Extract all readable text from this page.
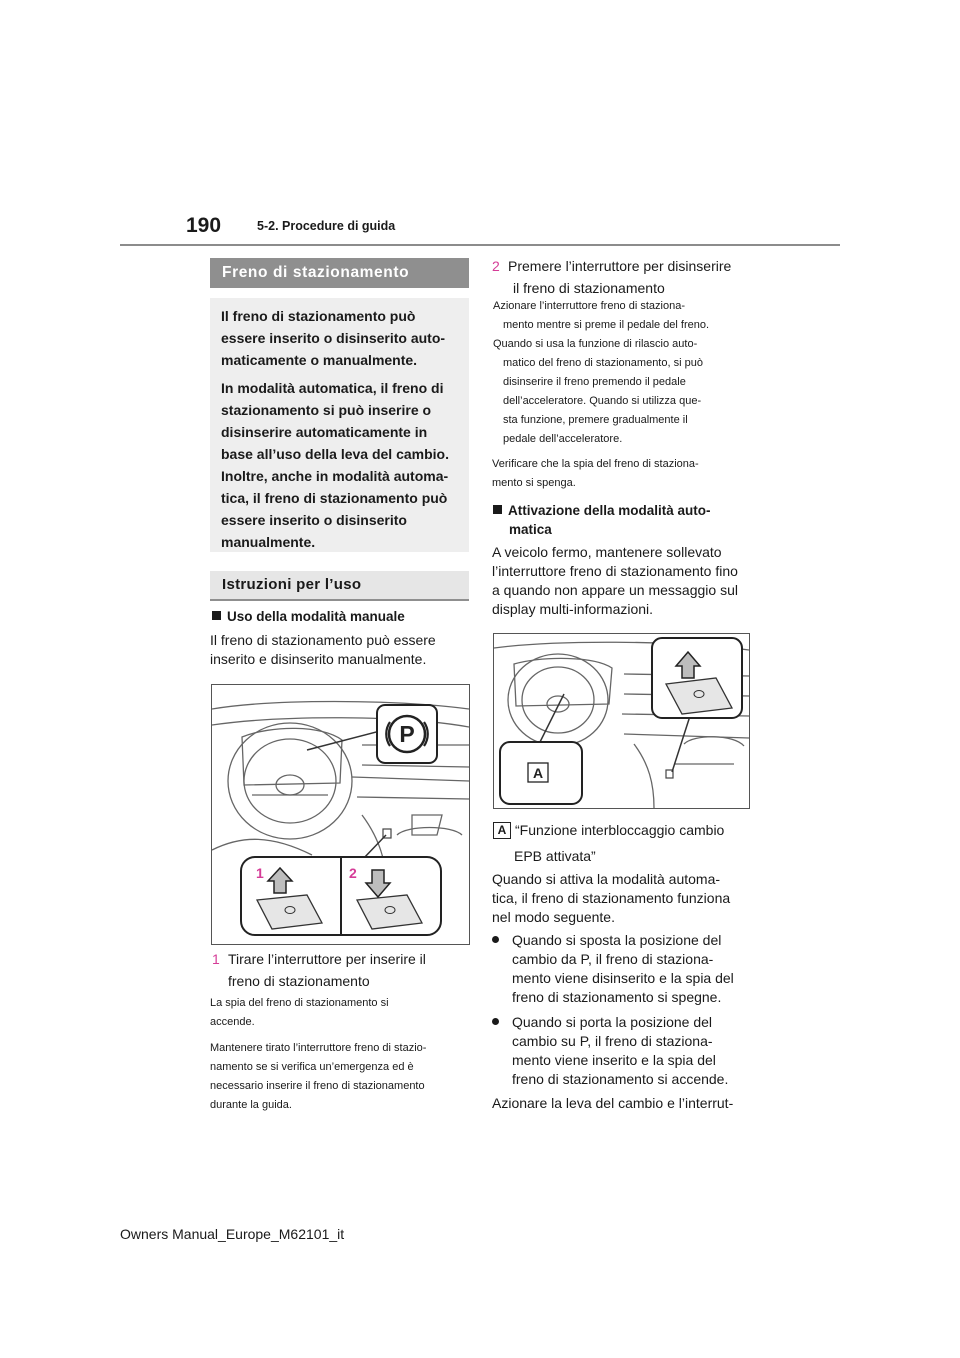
190	5-2. Procedure di guida
Freno di stazionamento

Il freno di stazionamento può essere inserito o disinserito auto-maticamente o manualmente.

In modalità automatica, il freno di stazionamento si può inserire o disinserire automaticamente in base all’uso della leva del cambio. Inoltre, anche in modalità automa-tica, il freno di stazionamento può essere inserito o disinserito manualmente.

Istruzioni per l’uso
Uso della modalità manuale
Il freno di stazionamento può essere
inserito e disinserito manualmente.
P
1	2
1 Tirare l’interruttore per inserire il
freno di stazionamento
La spia del freno di stazionamento si
accende.
Mantenere tirato l’interruttore freno di stazio-
namento se si verifica un’emergenza ed è
necessario inserire il freno di stazionamento
durante la guida.
2 Premere l’interruttore per disinserire
il freno di stazionamento
Azionare l’interruttore freno di staziona-
mento mentre si preme il pedale del freno.
Quando si usa la funzione di rilascio auto-
matico del freno di stazionamento, si può
disinserire il freno premendo il pedale
dell’acceleratore. Quando si utilizza que-
sta funzione, premere gradualmente il
pedale dell’acceleratore.
Verificare che la spia del freno di staziona-
mento si spenga.
Attivazione della modalità auto-
matica
A veicolo fermo, mantenere sollevato
l’interruttore freno di stazionamento fino
a quando non appare un messaggio sul
display multi-informazioni.
A
A “Funzione interbloccaggio cambio
EPB attivata”
Quando si attiva la modalità automa-
tica, il freno di stazionamento funziona
nel modo seguente.
Quando si sposta la posizione del
cambio da P, il freno di staziona-
mento viene disinserito e la spia del
freno di stazionamento si spegne.
Quando si porta la posizione del
cambio su P, il freno di staziona-
mento viene inserito e la spia del
freno di stazionamento si accende.
Azionare la leva del cambio e l’interrut-
Owners Manual_Europe_M62101_it
